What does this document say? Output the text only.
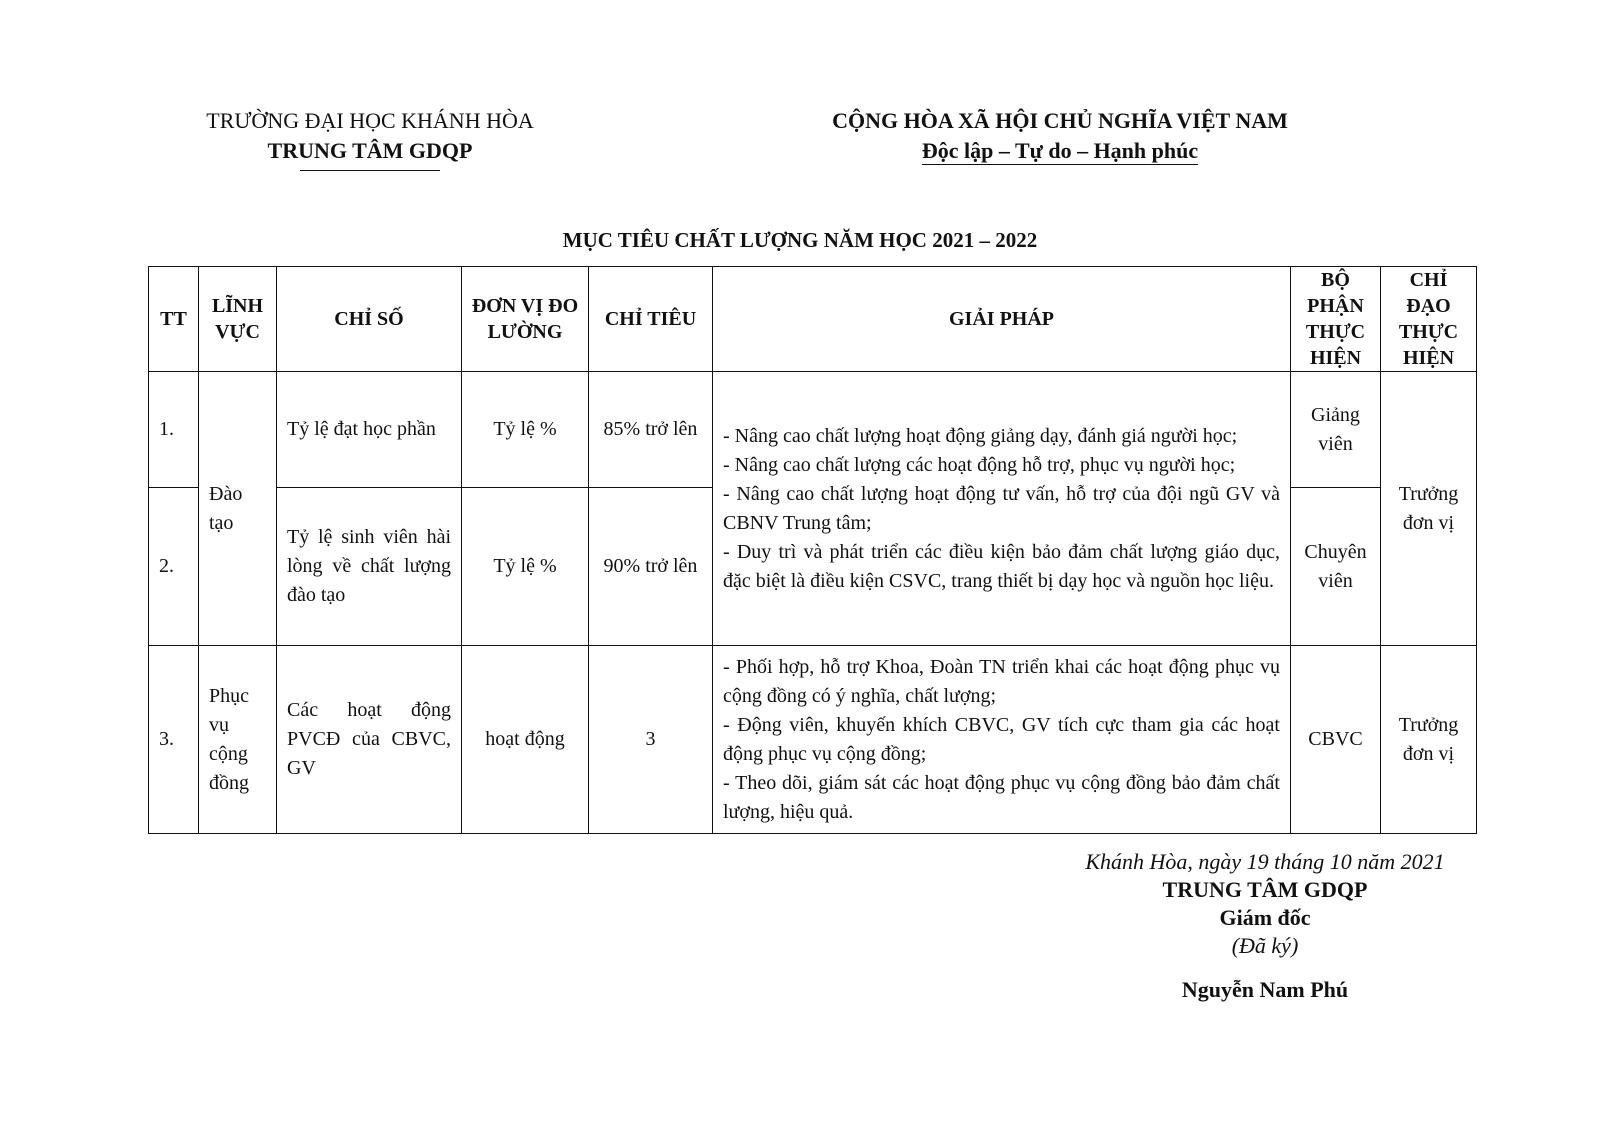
TRƯỜNG ĐẠI HỌC KHÁNH HÒA
TRUNG TÂM GDQP
CỘNG HÒA XÃ HỘI CHỦ NGHĨA VIỆT NAM
Độc lập – Tự do – Hạnh phúc
MỤC TIÊU CHẤT LƯỢNG NĂM HỌC 2021 – 2022
TT	LĨNH VỰC	CHỈ SỐ	ĐƠN VỊ ĐO LƯỜNG	CHỈ TIÊU	GIẢI PHÁP	BỘ PHẬN THỰC HIỆN	CHỈ ĐẠO THỰC HIỆN
1.	Đào tạo	Tỷ lệ đạt học phần	Tỷ lệ %	85% trở lên	- Nâng cao chất lượng hoạt động giảng dạy, đánh giá người học;
- Nâng cao chất lượng các hoạt động hỗ trợ, phục vụ người học;
- Nâng cao chất lượng hoạt động tư vấn, hỗ trợ của đội ngũ GV và CBNV Trung tâm;
- Duy trì và phát triển các điều kiện bảo đảm chất lượng giáo dục, đặc biệt là điều kiện CSVC, trang thiết bị dạy học và nguồn học liệu.	Giảng viên	Trưởng đơn vị
2.		Tỷ lệ sinh viên hài lòng về chất lượng đào tạo	Tỷ lệ %	90% trở lên		Chuyên viên	
3.	Phục vụ cộng đồng	Các hoạt động PVCĐ của CBVC, GV	hoạt động	3	- Phối hợp, hỗ trợ Khoa, Đoàn TN triển khai các hoạt động phục vụ cộng đồng có ý nghĩa, chất lượng;
- Động viên, khuyến khích CBVC, GV tích cực tham gia các hoạt động phục vụ cộng đồng;
- Theo dõi, giám sát các hoạt động phục vụ cộng đồng bảo đảm chất lượng, hiệu quả.	CBVC	Trưởng đơn vị
Khánh Hòa, ngày 19 tháng 10 năm 2021
TRUNG TÂM GDQP
Giám đốc
(Đã ký)
Nguyễn Nam Phú
